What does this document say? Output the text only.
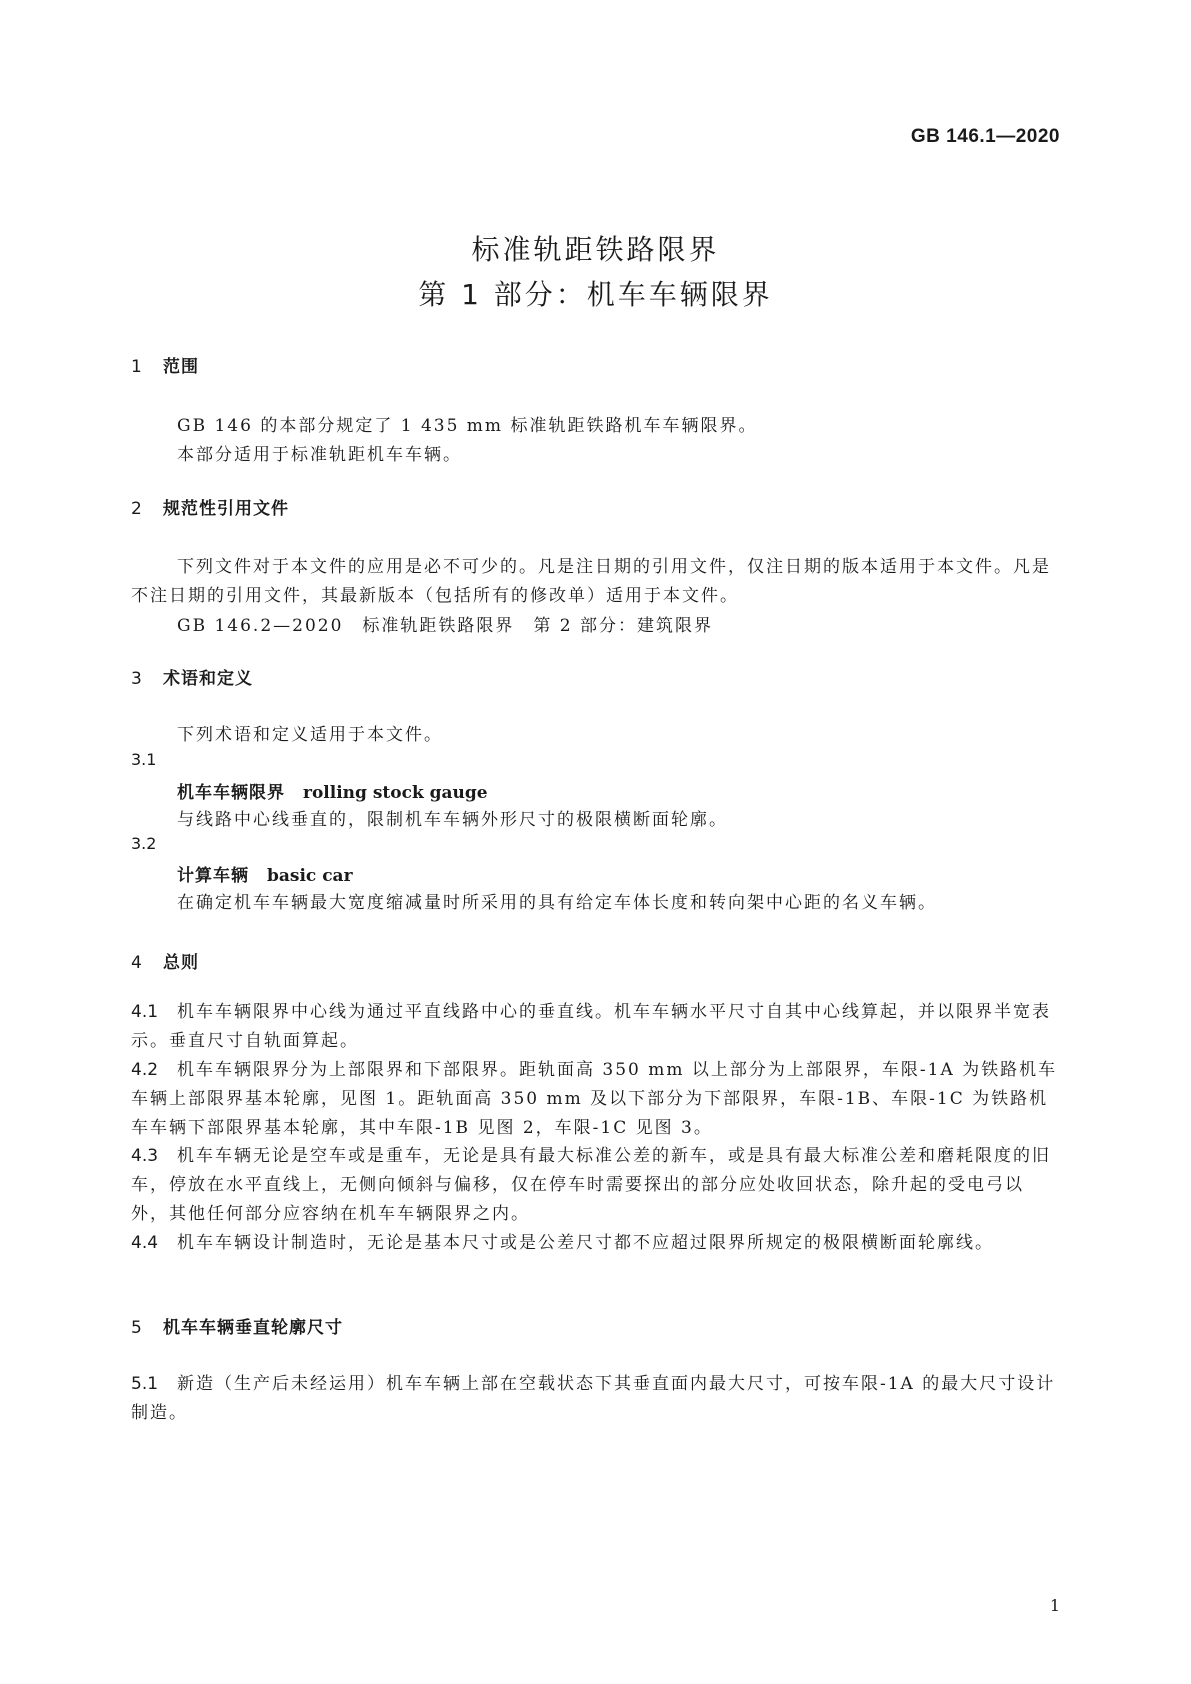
GB 146.1—2020
标准轨距铁路限界
第 1 部分：机车车辆限界
1 范围
GB 146 的本部分规定了 1 435 mm 标准轨距铁路机车车辆限界。
本部分适用于标准轨距机车车辆。
2 规范性引用文件
下列文件对于本文件的应用是必不可少的。凡是注日期的引用文件，仅注日期的版本适用于本文件。凡是不注日期的引用文件，其最新版本（包括所有的修改单）适用于本文件。
GB 146.2—2020　标准轨距铁路限界　第 2 部分：建筑限界
3 术语和定义
下列术语和定义适用于本文件。
3.1
机车车辆限界 rolling stock gauge
与线路中心线垂直的，限制机车车辆外形尺寸的极限横断面轮廓。
3.2
计算车辆 basic car
在确定机车车辆最大宽度缩减量时所采用的具有给定车体长度和转向架中心距的名义车辆。
4 总则
4.1 机车车辆限界中心线为通过平直线路中心的垂直线。机车车辆水平尺寸自其中心线算起，并以限界半宽表示。垂直尺寸自轨面算起。
4.2 机车车辆限界分为上部限界和下部限界。距轨面高 350 mm 以上部分为上部限界，车限-1A 为铁路机车车辆上部限界基本轮廓，见图 1。距轨面高 350 mm 及以下部分为下部限界，车限-1B、车限-1C 为铁路机车车辆下部限界基本轮廓，其中车限-1B 见图 2，车限-1C 见图 3。
4.3 机车车辆无论是空车或是重车，无论是具有最大标准公差的新车，或是具有最大标准公差和磨耗限度的旧车，停放在水平直线上，无侧向倾斜与偏移，仅在停车时需要探出的部分应处收回状态，除升起的受电弓以外，其他任何部分应容纳在机车车辆限界之内。
4.4 机车车辆设计制造时，无论是基本尺寸或是公差尺寸都不应超过限界所规定的极限横断面轮廓线。
5 机车车辆垂直轮廓尺寸
5.1 新造（生产后未经运用）机车车辆上部在空载状态下其垂直面内最大尺寸，可按车限-1A 的最大尺寸设计制造。
1
